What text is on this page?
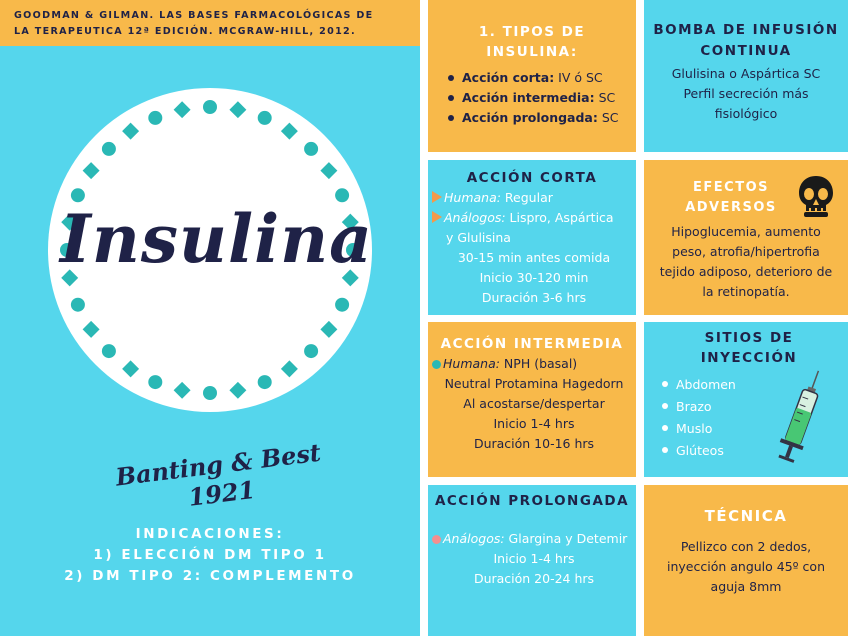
GOODMAN & GILMAN. LAS BASES FARMACOLÓGICAS DE
LA TERAPEUTICA 12ª EDICIÓN. MCGRAW-HILL, 2012.
Insulina
Banting & Best 1921
INDICACIONES:
1) ELECCIÓN DM TIPO 1
2) DM TIPO 2: COMPLEMENTO
1. TIPOS DE
INSULINA:
Acción corta: IV ó SC
Acción intermedia: SC
Acción prolongada: SC
BOMBA DE INFUSIÓN
CONTINUA
Glulisina o Aspártica SC
Perfil secreción más
fisiológico
ACCIÓN CORTA
Humana: Regular
Análogos: Lispro, Aspártica
y Glulisina
30-15 min antes comida
Inicio 30-120 min
Duración 3-6 hrs
EFECTOS
ADVERSOS
Hipoglucemia, aumento
peso, atrofia/hipertrofia
tejido adiposo, deterioro de
la retinopatía.
ACCIÓN INTERMEDIA
Humana: NPH (basal)
Neutral Protamina Hagedorn
Al acostarse/despertar
Inicio 1-4 hrs
Duración 10-16 hrs
SITIOS DE
INYECCIÓN
Abdomen
Brazo
Muslo
Glúteos
ACCIÓN PROLONGADA
Análogos: Glargina y Detemir
Inicio 1-4 hrs
Duración 20-24 hrs
TÉCNICA
Pellizco con 2 dedos,
inyección angulo 45º con
aguja 8mm
